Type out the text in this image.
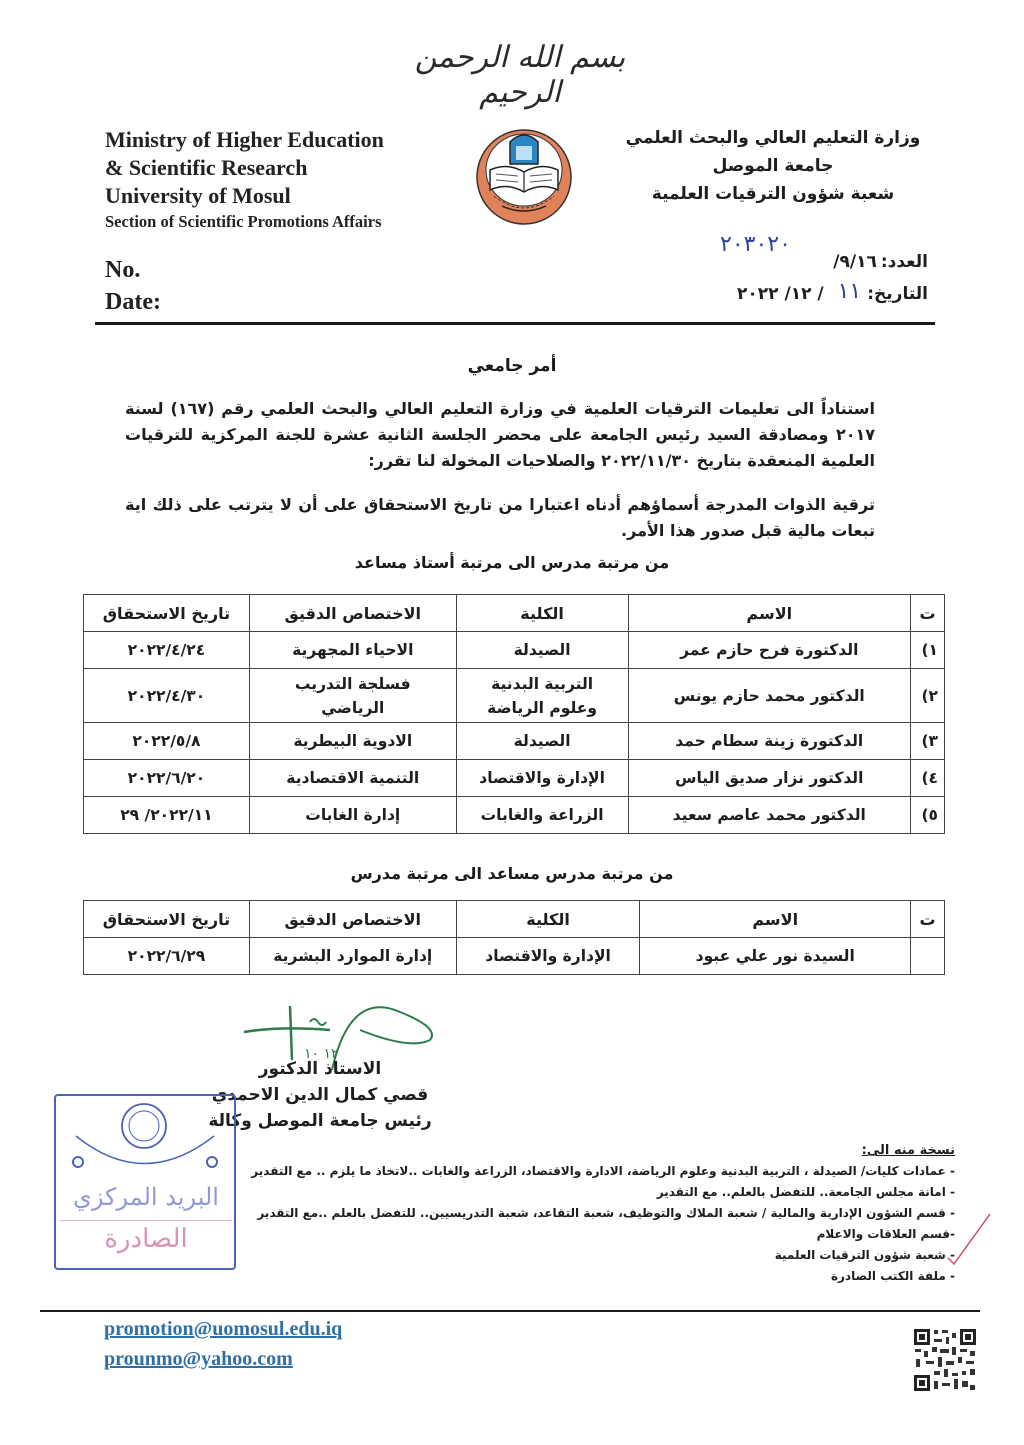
بسم الله الرحمن الرحيم
Ministry of Higher Education
& Scientific Research
University of Mosul
Section of Scientific Promotions Affairs
وزارة التعليم العالي والبحث العلمي
جامعة الموصل
شعبة شؤون الترقيات العلمية
No.
Date:
العدد:
٩/١٦/
٢٠٣٠٢٠
التاريخ:
١١
/ ١٢/ ٢٠٢٢
أمر جامعي
استناداً الى تعليمات الترقيات العلمية في وزارة التعليم العالي والبحث العلمي رقم (١٦٧) لسنة ٢٠١٧ ومصادقة السيد رئيس الجامعة على محضر الجلسة الثانية عشرة للجنة المركزية للترقيات العلمية المنعقدة بتاريخ ٢٠٢٢/١١/٣٠ والصلاحيات المخولة لنا تقرر:
ترقية الذوات المدرجة أسماؤهم أدناه اعتبارا من تاريخ الاستحقاق على أن لا يترتب على ذلك اية تبعات مالية قبل صدور هذا الأمر.
من مرتبة مدرس الى مرتبة أستاذ مساعد
ت	الاسم	الكلية	الاختصاص الدقيق	تاريخ الاستحقاق
١)	الدكتورة فرح حازم عمر	الصيدلة	الاحياء المجهرية	٢٠٢٢/٤/٢٤
٢)	الدكتور محمد حازم يونس	التربية البدنية وعلوم الرياضة	فسلجة التدريب الرياضي	٢٠٢٢/٤/٣٠
٣)	الدكتورة زينة سطام حمد	الصيدلة	الادوية البيطرية	٢٠٢٢/٥/٨
٤)	الدكتور نزار صديق الياس	الإدارة والاقتصاد	التنمية الاقتصادية	٢٠٢٢/٦/٢٠
٥)	الدكتور محمد عاصم سعيد	الزراعة والغابات	إدارة الغابات	٢٠٢٢/١١/ ٢٩
من مرتبة مدرس مساعد الى مرتبة مدرس
ت	الاسم	الكلية	الاختصاص الدقيق	تاريخ الاستحقاق
	السيدة نور علي عبود	الإدارة والاقتصاد	إدارة الموارد البشرية	٢٠٢٢/٦/٢٩
١٢ ١٠
الاستاذ الدكتور
قصي كمال الدين الاحمدي
رئيس جامعة الموصل وكالة
البريد المركزي
الصادرة
نسخة منه الى:
- عمادات كليات/ الصيدلة ، التربية البدنية وعلوم الرياضة، الادارة والاقتصاد، الزراعة والغابات ..لاتخاذ ما يلزم .. مع التقدير
- امانة مجلس الجامعة.. للتفضل بالعلم.. مع التقدير
- قسم الشؤون الإدارية والمالية / شعبة الملاك والتوظيف، شعبة التقاعد، شعبة التدريسيين.. للتفضل بالعلم ..مع التقدير
-قسم العلاقات والاعلام
- شعبة شؤون الترقيات العلمية
- ملفة الكتب الصادرة
promotion@uomosul.edu.iq
prounmo@yahoo.com
